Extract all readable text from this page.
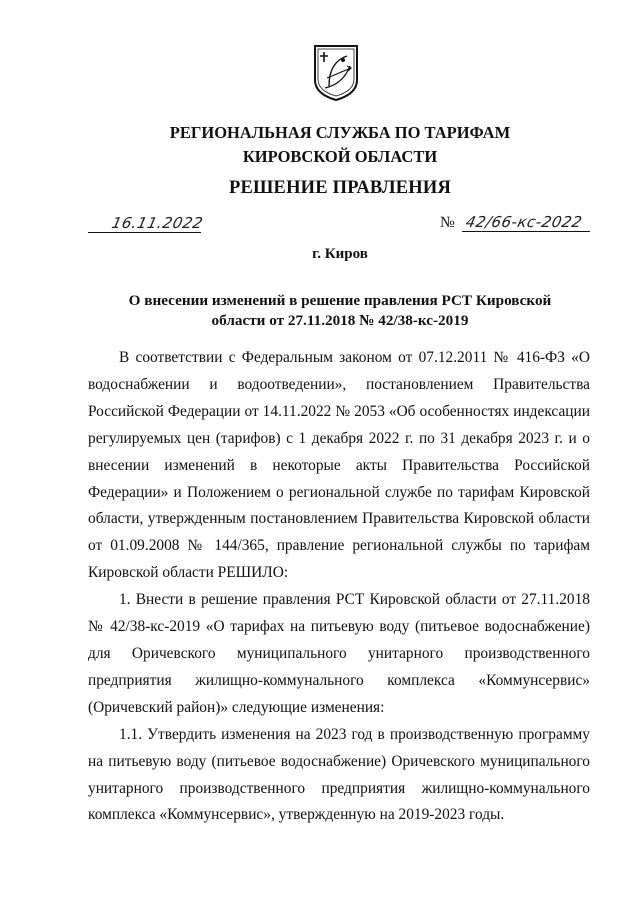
РЕГИОНАЛЬНАЯ СЛУЖБА ПО ТАРИФАМ
КИРОВСКОЙ ОБЛАСТИ
РЕШЕНИЕ ПРАВЛЕНИЯ
16.11.2022	№ 42/66-кс-2022
г. Киров
О внесении изменений в решение правления РСТ Кировской
области от 27.11.2018 № 42/38-кс-2019

В соответствии с Федеральным законом от 07.12.2011 № 416-ФЗ «О водоснабжении и водоотведении», постановлением Правительства Российской Федерации от 14.11.2022 № 2053 «Об особенностях индексации регулируемых цен (тарифов) с 1 декабря 2022 г. по 31 декабря 2023 г. и о внесении изменений в некоторые акты Правительства Российской Федерации» и Положением о региональной службе по тарифам Кировской области, утвержденным постановлением Правительства Кировской области от 01.09.2008 № 144/365, правление региональной службы по тарифам Кировской области РЕШИЛО:

1. Внести в решение правления РСТ Кировской области от 27.11.2018 № 42/38-кс-2019 «О тарифах на питьевую воду (питьевое водоснабжение) для Оричевского муниципального унитарного производственного предприятия жилищно-коммунального комплекса «Коммунсервис» (Оричевский район)» следующие изменения:

1.1. Утвердить изменения на 2023 год в производственную программу на питьевую воду (питьевое водоснабжение) Оричевского муниципального унитарного производственного предприятия жилищно-коммунального комплекса «Коммунсервис», утвержденную на 2019-2023 годы.
